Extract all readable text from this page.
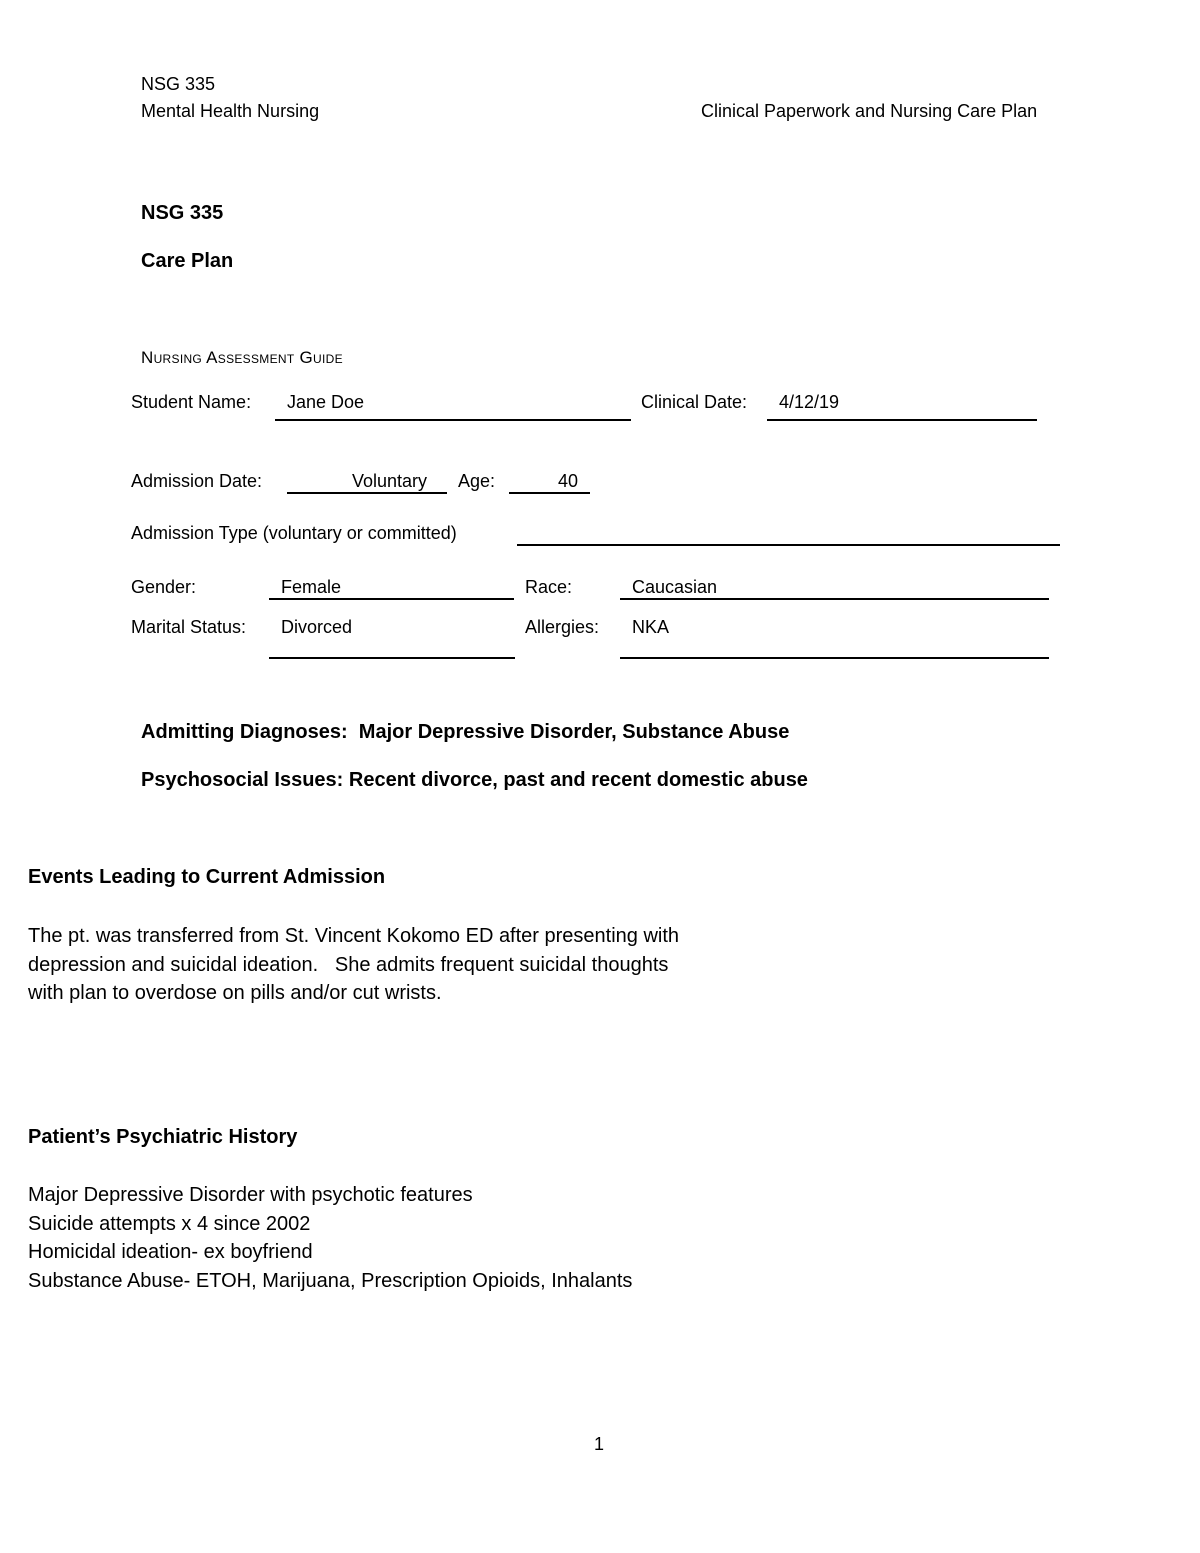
NSG 335
Mental Health Nursing	Clinical Paperwork and Nursing Care Plan
NSG 335
Care Plan
Nursing Assessment Guide
Student Name: Jane Doe	Clinical Date: 4/12/19
Admission Date:	Voluntary Age:	40
Admission Type (voluntary or committed)
Gender:	Female	Race:	Caucasian
Marital Status: Divorced	Allergies: NKA
Admitting Diagnoses: Major Depressive Disorder, Substance Abuse
Psychosocial Issues: Recent divorce, past and recent domestic abuse
Events Leading to Current Admission
The pt. was transferred from St. Vincent Kokomo ED after presenting with
depression and suicidal ideation.   She admits frequent suicidal thoughts
with plan to overdose on pills and/or cut wrists.
Patient’s Psychiatric History
Major Depressive Disorder with psychotic features
Suicide attempts x 4 since 2002
Homicidal ideation- ex boyfriend
Substance Abuse- ETOH, Marijuana, Prescription Opioids, Inhalants
1
